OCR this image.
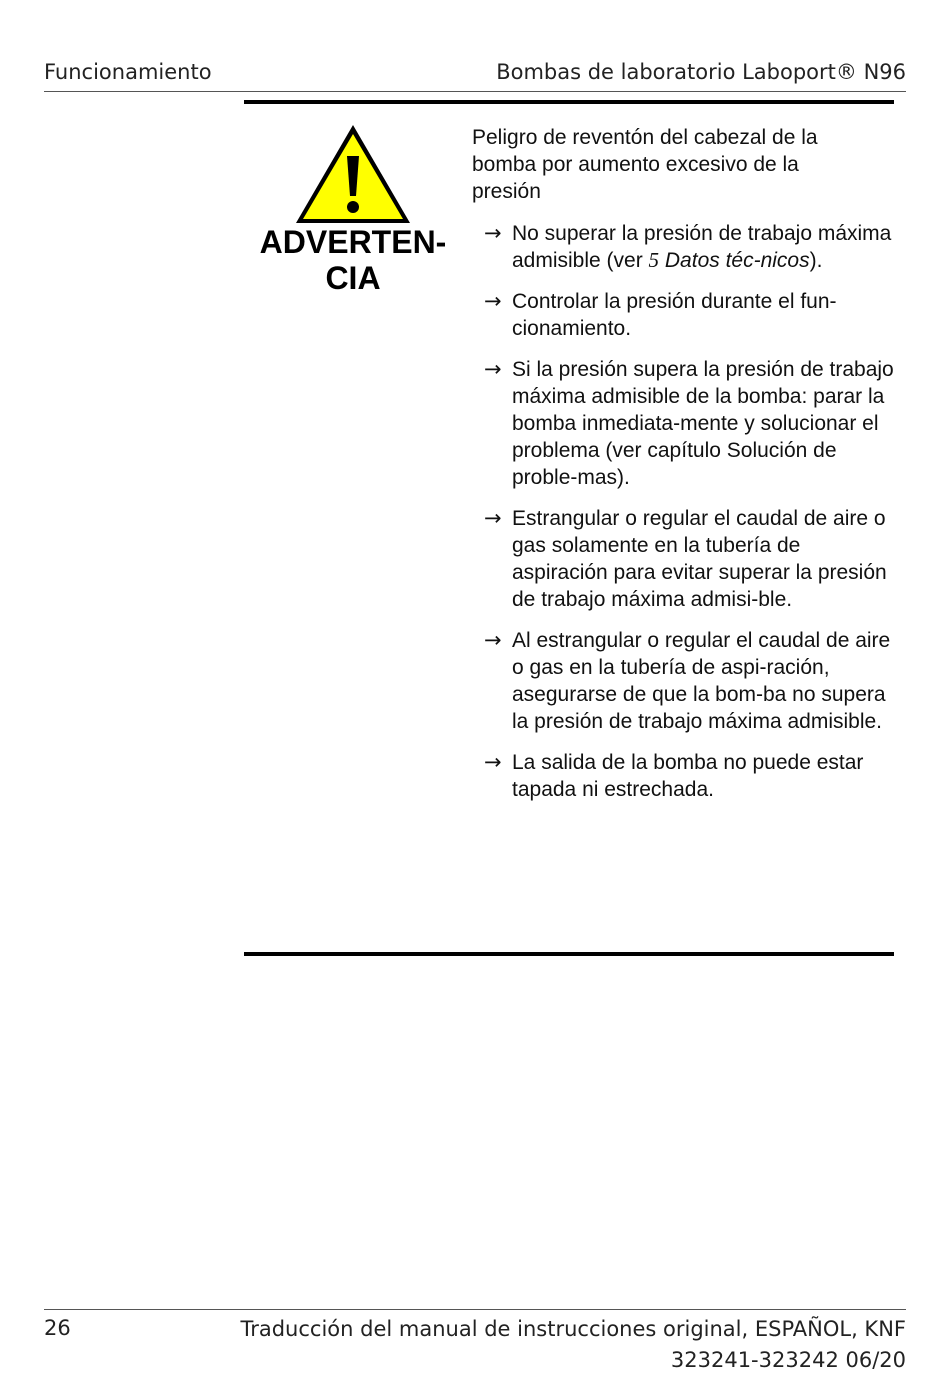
Funcionamiento	Bombas de laboratorio Laboport® N96
ADVERTEN-
CIA
Peligro de reventón del cabezal de la bomba por aumento excesivo de la presión
→ No superar la presión de trabajo máxima admisible (ver 5 Datos téc-nicos).
→ Controlar la presión durante el fun-cionamiento.
→ Si la presión supera la presión de trabajo máxima admisible de la bomba: parar la bomba inmediata-mente y solucionar el problema (ver capítulo Solución de proble-mas).
→ Estrangular o regular el caudal de aire o gas solamente en la tubería de aspiración para evitar superar la presión de trabajo máxima admisi-ble.
→ Al estrangular o regular el caudal de aire o gas en la tubería de aspi-ración, asegurarse de que la bom-ba no supera la presión de trabajo máxima admisible.
→ La salida de la bomba no puede estar tapada ni estrechada.
26	Traducción del manual de instrucciones original, ESPAÑOL, KNF 323241-323242 06/20
